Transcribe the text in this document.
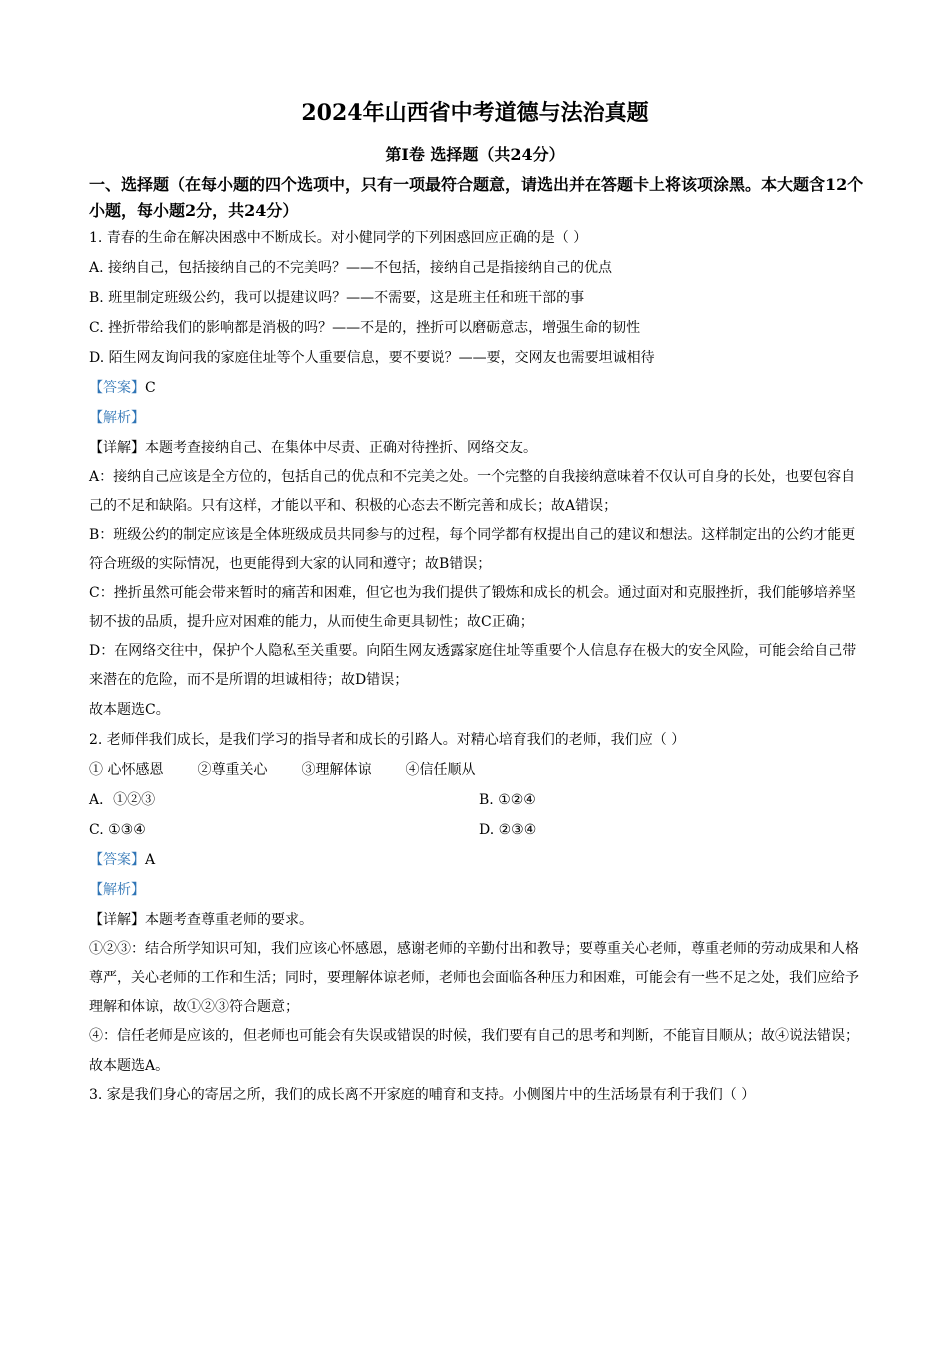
2024年山西省中考道德与法治真题
第Ⅰ卷 选择题（共24分）
一、选择题（在每小题的四个选项中，只有一项最符合题意，请选出并在答题卡上将该项涂黑。本大题含12个小题，每小题2分，共24分）

1. 青春的生命在解决困惑中不断成长。对小健同学的下列困惑回应正确的是（ ）

A. 接纳自己，包括接纳自己的不完美吗？——不包括，接纳自己是指接纳自己的优点

B. 班里制定班级公约，我可以提建议吗？——不需要，这是班主任和班干部的事

C. 挫折带给我们的影响都是消极的吗？——不是的，挫折可以磨砺意志，增强生命的韧性

D. 陌生网友询问我的家庭住址等个人重要信息，要不要说？——要，交网友也需要坦诚相待

【答案】C

【解析】

【详解】本题考查接纳自己、在集体中尽责、正确对待挫折、网络交友。

A：接纳自己应该是全方位的，包括自己的优点和不完美之处。一个完整的自我接纳意味着不仅认可自身的长处，也要包容自己的不足和缺陷。只有这样，才能以平和、积极的心态去不断完善和成长；故A错误；

B：班级公约的制定应该是全体班级成员共同参与的过程，每个同学都有权提出自己的建议和想法。这样制定出的公约才能更符合班级的实际情况，也更能得到大家的认同和遵守；故B错误；

C：挫折虽然可能会带来暂时的痛苦和困难，但它也为我们提供了锻炼和成长的机会。通过面对和克服挫折，我们能够培养坚韧不拔的品质，提升应对困难的能力，从而使生命更具韧性；故C正确；

D：在网络交往中，保护个人隐私至关重要。向陌生网友透露家庭住址等重要个人信息存在极大的安全风险，可能会给自己带来潜在的危险，而不是所谓的坦诚相待；故D错误；

故本题选C。

2. 老师伴我们成长，是我们学习的指导者和成长的引路人。对精心培育我们的老师，我们应（ ）

① 心怀感恩 ②尊重关心 ③理解体谅 ④信任顺从

A．①②③	B. ①②④
C. ①③④	D. ②③④

【答案】A

【解析】

【详解】本题考查尊重老师的要求。

①②③：结合所学知识可知，我们应该心怀感恩，感谢老师的辛勤付出和教导；要尊重关心老师，尊重老师的劳动成果和人格尊严，关心老师的工作和生活；同时，要理解体谅老师，老师也会面临各种压力和困难，可能会有一些不足之处，我们应给予理解和体谅，故①②③符合题意；

④：信任老师是应该的，但老师也可能会有失误或错误的时候，我们要有自己的思考和判断，不能盲目顺从；故④说法错误；

故本题选A。

3. 家是我们身心的寄居之所，我们的成长离不开家庭的哺育和支持。小侧图片中的生活场景有利于我们（ ）
